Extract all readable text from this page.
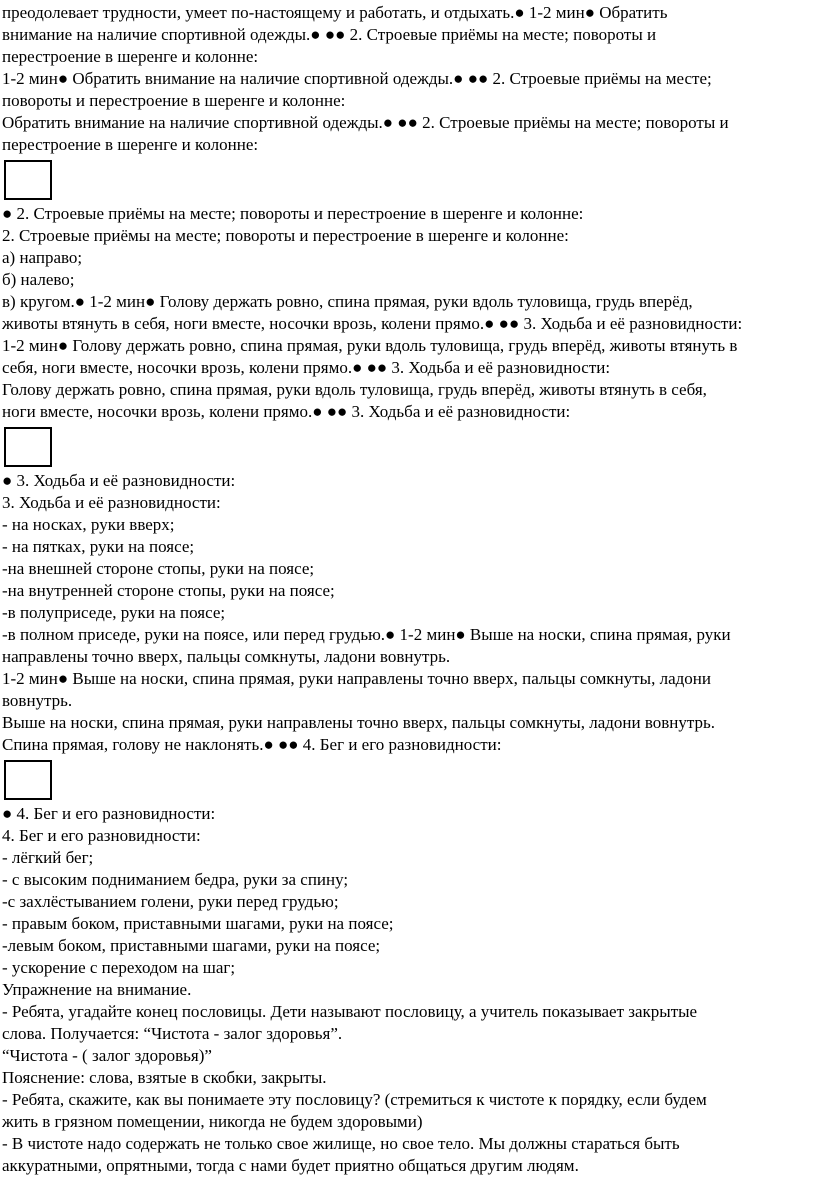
преодолевает трудности, умеет по-настоящему и работать, и отдыхать.● 1-2 мин● Обратить

внимание на наличие спортивной одежды.● ●● 2. Строевые приёмы на месте; повороты и

перестроение в шеренге и колонне:

1-2 мин● Обратить внимание на наличие спортивной одежды.● ●● 2. Строевые приёмы на месте;

повороты и перестроение в шеренге и колонне:

Обратить внимание на наличие спортивной одежды.● ●● 2. Строевые приёмы на месте; повороты и

перестроение в шеренге и колонне:

● 2. Строевые приёмы на месте; повороты и перестроение в шеренге и колонне:

2. Строевые приёмы на месте; повороты и перестроение в шеренге и колонне:

а) направо;

б) налево;

в) кругом.● 1-2 мин● Голову держать ровно, спина прямая, руки вдоль туловища, грудь вперёд,

животы втянуть в себя, ноги вместе, носочки врозь, колени прямо.● ●● 3. Ходьба и её разновидности:

1-2 мин● Голову держать ровно, спина прямая, руки вдоль туловища, грудь вперёд, животы втянуть в

себя, ноги вместе, носочки врозь, колени прямо.● ●● 3. Ходьба и её разновидности:

Голову держать ровно, спина прямая, руки вдоль туловища, грудь вперёд, животы втянуть в себя,

ноги вместе, носочки врозь, колени прямо.● ●● 3. Ходьба и её разновидности:

● 3. Ходьба и её разновидности:

3. Ходьба и её разновидности:

- на носках, руки вверх;

- на пятках, руки на поясе;

-на внешней стороне стопы, руки на поясе;

-на внутренней стороне стопы, руки на поясе;

-в полуприседе, руки на поясе;

-в полном приседе, руки на поясе, или перед грудью.● 1-2 мин● Выше на носки, спина прямая, руки

направлены точно вверх, пальцы сомкнуты, ладони вовнутрь.

1-2 мин● Выше на носки, спина прямая, руки направлены точно вверх, пальцы сомкнуты, ладони

вовнутрь.

Выше на носки, спина прямая, руки направлены точно вверх, пальцы сомкнуты, ладони вовнутрь.

Спина прямая, голову не наклонять.● ●● 4. Бег и его разновидности:

● 4. Бег и его разновидности:

4. Бег и его разновидности:

- лёгкий бег;

- с высоким подниманием бедра, руки за спину;

-с захлёстыванием голени, руки перед грудью;

- правым боком, приставными шагами, руки на поясе;

-левым боком, приставными шагами, руки на поясе;

- ускорение с переходом на шаг;

Упражнение на внимание.

- Ребята, угадайте конец пословицы. Дети называют пословицу, а учитель показывает закрытые

слова. Получается: “Чистота - залог здоровья”.

“Чистота - ( залог здоровья)”

Пояснение: слова, взятые в скобки, закрыты.

- Ребята, скажите, как вы понимаете эту пословицу? (стремиться к чистоте к порядку, если будем

жить в грязном помещении, никогда не будем здоровыми)

- В чистоте надо содержать не только свое жилище, но свое тело. Мы должны стараться быть

аккуратными, опрятными, тогда с нами будет приятно общаться другим людям.
